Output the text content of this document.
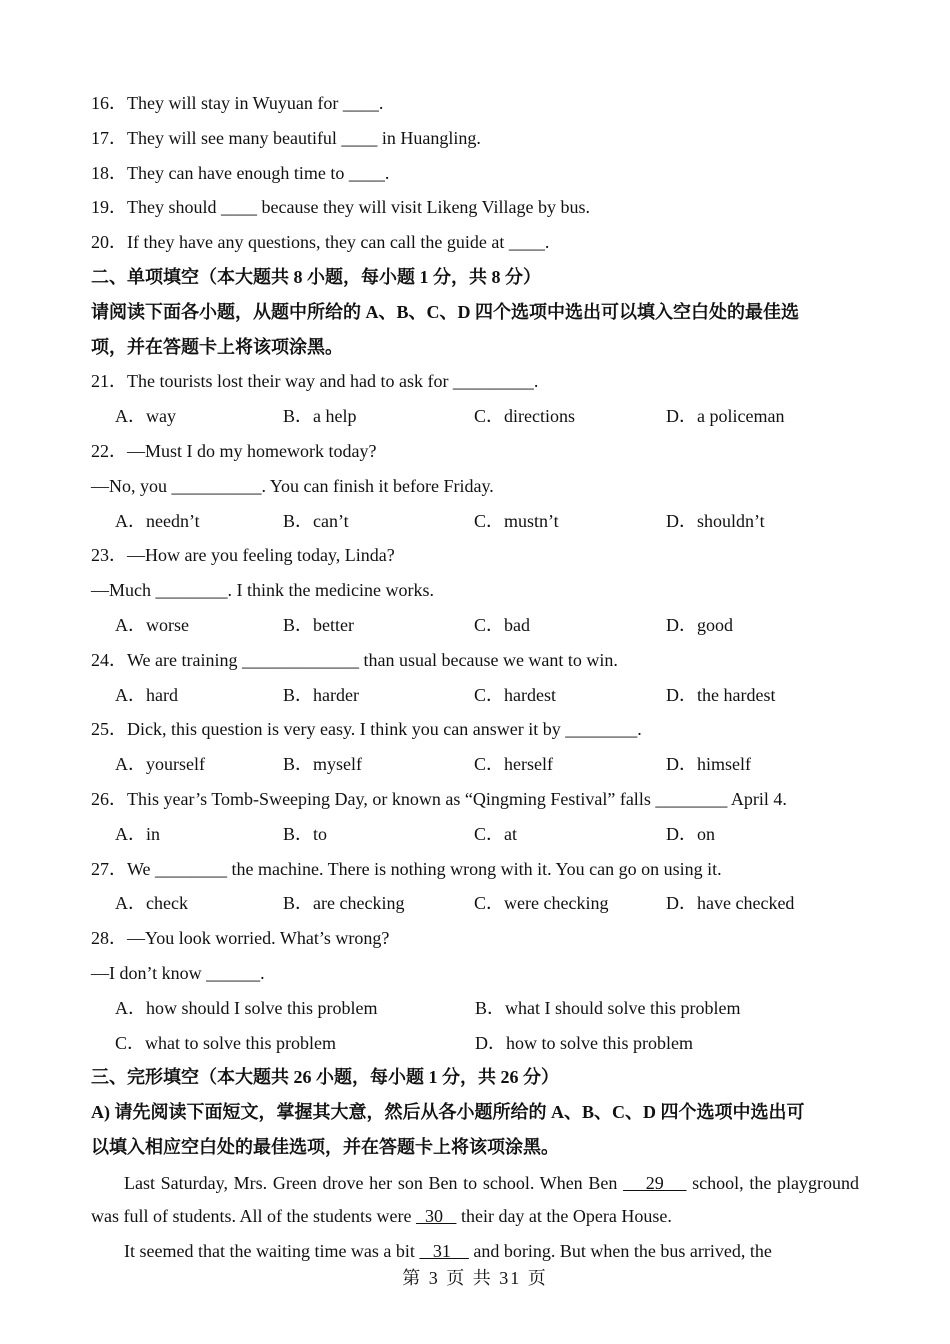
16．They will stay in Wuyuan for ____.
17．They will see many beautiful ____ in Huangling.
18．They can have enough time to ____.
19．They should ____ because they will visit Likeng Village by bus.
20．If they have any questions, they can call the guide at ____.
二、单项填空（本大题共 8 小题，每小题 1 分，共 8 分）
请阅读下面各小题，从题中所给的 A、B、C、D 四个选项中选出可以填入空白处的最佳选
项，并在答题卡上将该项涂黑。
21．The tourists lost their way and had to ask for _________.
A．way	B．a help	C．directions	D．a policeman
22．—Must I do my homework today?
—No, you __________. You can finish it before Friday.
A．needn’t	B．can’t	C．mustn’t	D．shouldn’t
23．—How are you feeling today, Linda?
—Much ________. I think the medicine works.
A．worse	B．better	C．bad	D．good
24．We are training _____________ than usual because we want to win.
A．hard	B．harder	C．hardest	D．the hardest
25．Dick, this question is very easy. I think you can answer it by ________.
A．yourself	B．myself	C．herself	D．himself
26．This year’s Tomb-Sweeping Day, or known as “Qingming Festival” falls ________ April 4.
A．in	B．to	C．at	D．on
27．We ________ the machine. There is nothing wrong with it. You can go on using it.
A．check	B．are checking	C．were checking	D．have checked
28．—You look worried. What’s wrong?
—I don’t know ______.
A．how should I solve this problem	B．what I should solve this problem
C．what to solve this problem	D．how to solve this problem
三、完形填空（本大题共 26 小题，每小题 1 分，共 26 分）
A) 请先阅读下面短文，掌握其大意，然后从各小题所给的 A、B、C、D 四个选项中选出可
以填入相应空白处的最佳选项，并在答题卡上将该项涂黑。
Last Saturday, Mrs. Green drove her son Ben to school. When Ben     29     school, the playground was full of students. All of the students were   30    their day at the Opera House.
It seemed that the waiting time was a bit    31     and boring. But when the bus arrived, the
第 3 页 共 31 页
